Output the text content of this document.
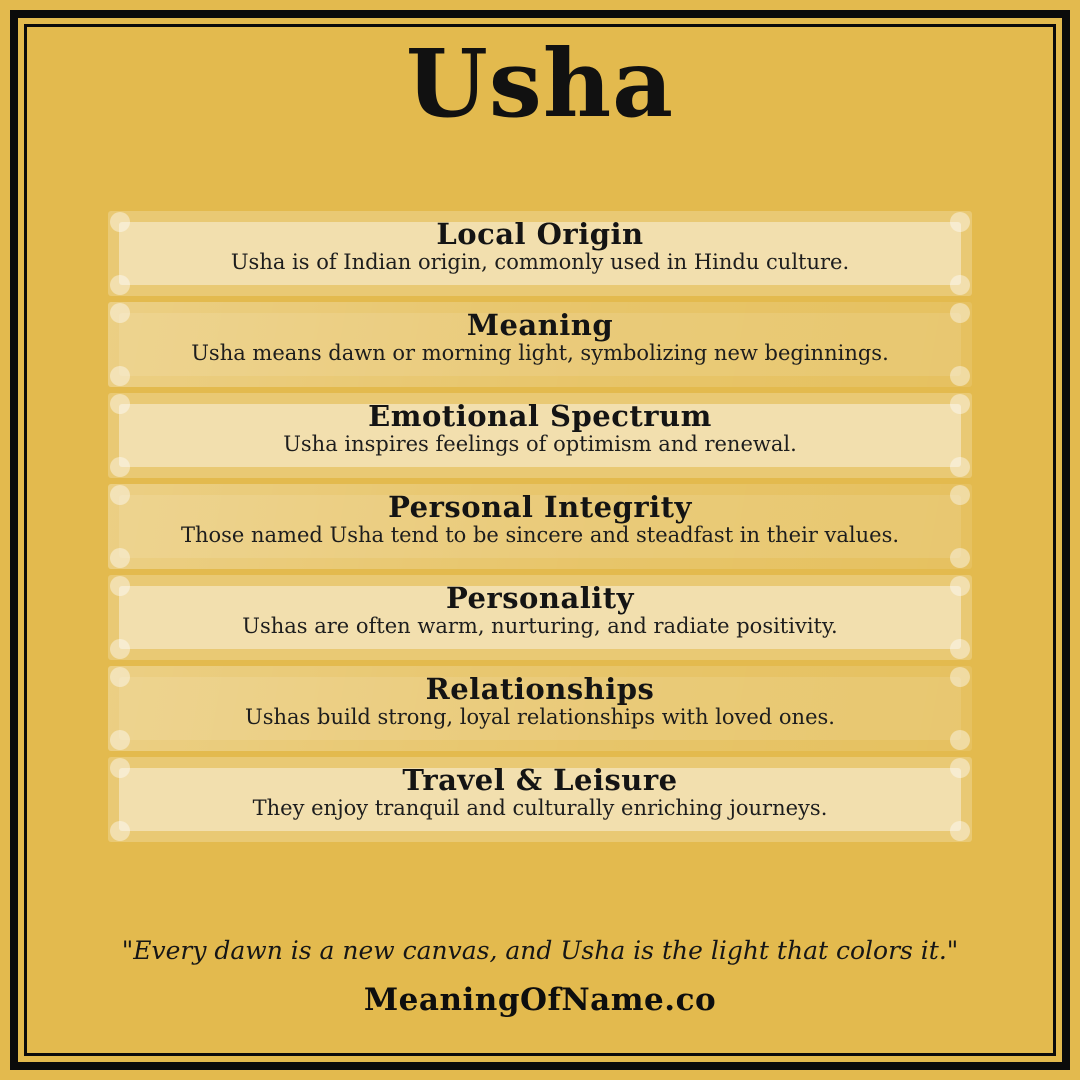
Usha
Local Origin

Usha is of Indian origin, commonly used in Hindu culture.

Meaning

Usha means dawn or morning light, symbolizing new beginnings.

Emotional Spectrum

Usha inspires feelings of optimism and renewal.

Personal Integrity

Those named Usha tend to be sincere and steadfast in their values.

Personality

Ushas are often warm, nurturing, and radiate positivity.

Relationships

Ushas build strong, loyal relationships with loved ones.

Travel & Leisure

They enjoy tranquil and culturally enriching journeys.

"Every dawn is a new canvas, and Usha is the light that colors it."
MeaningOfName.co
